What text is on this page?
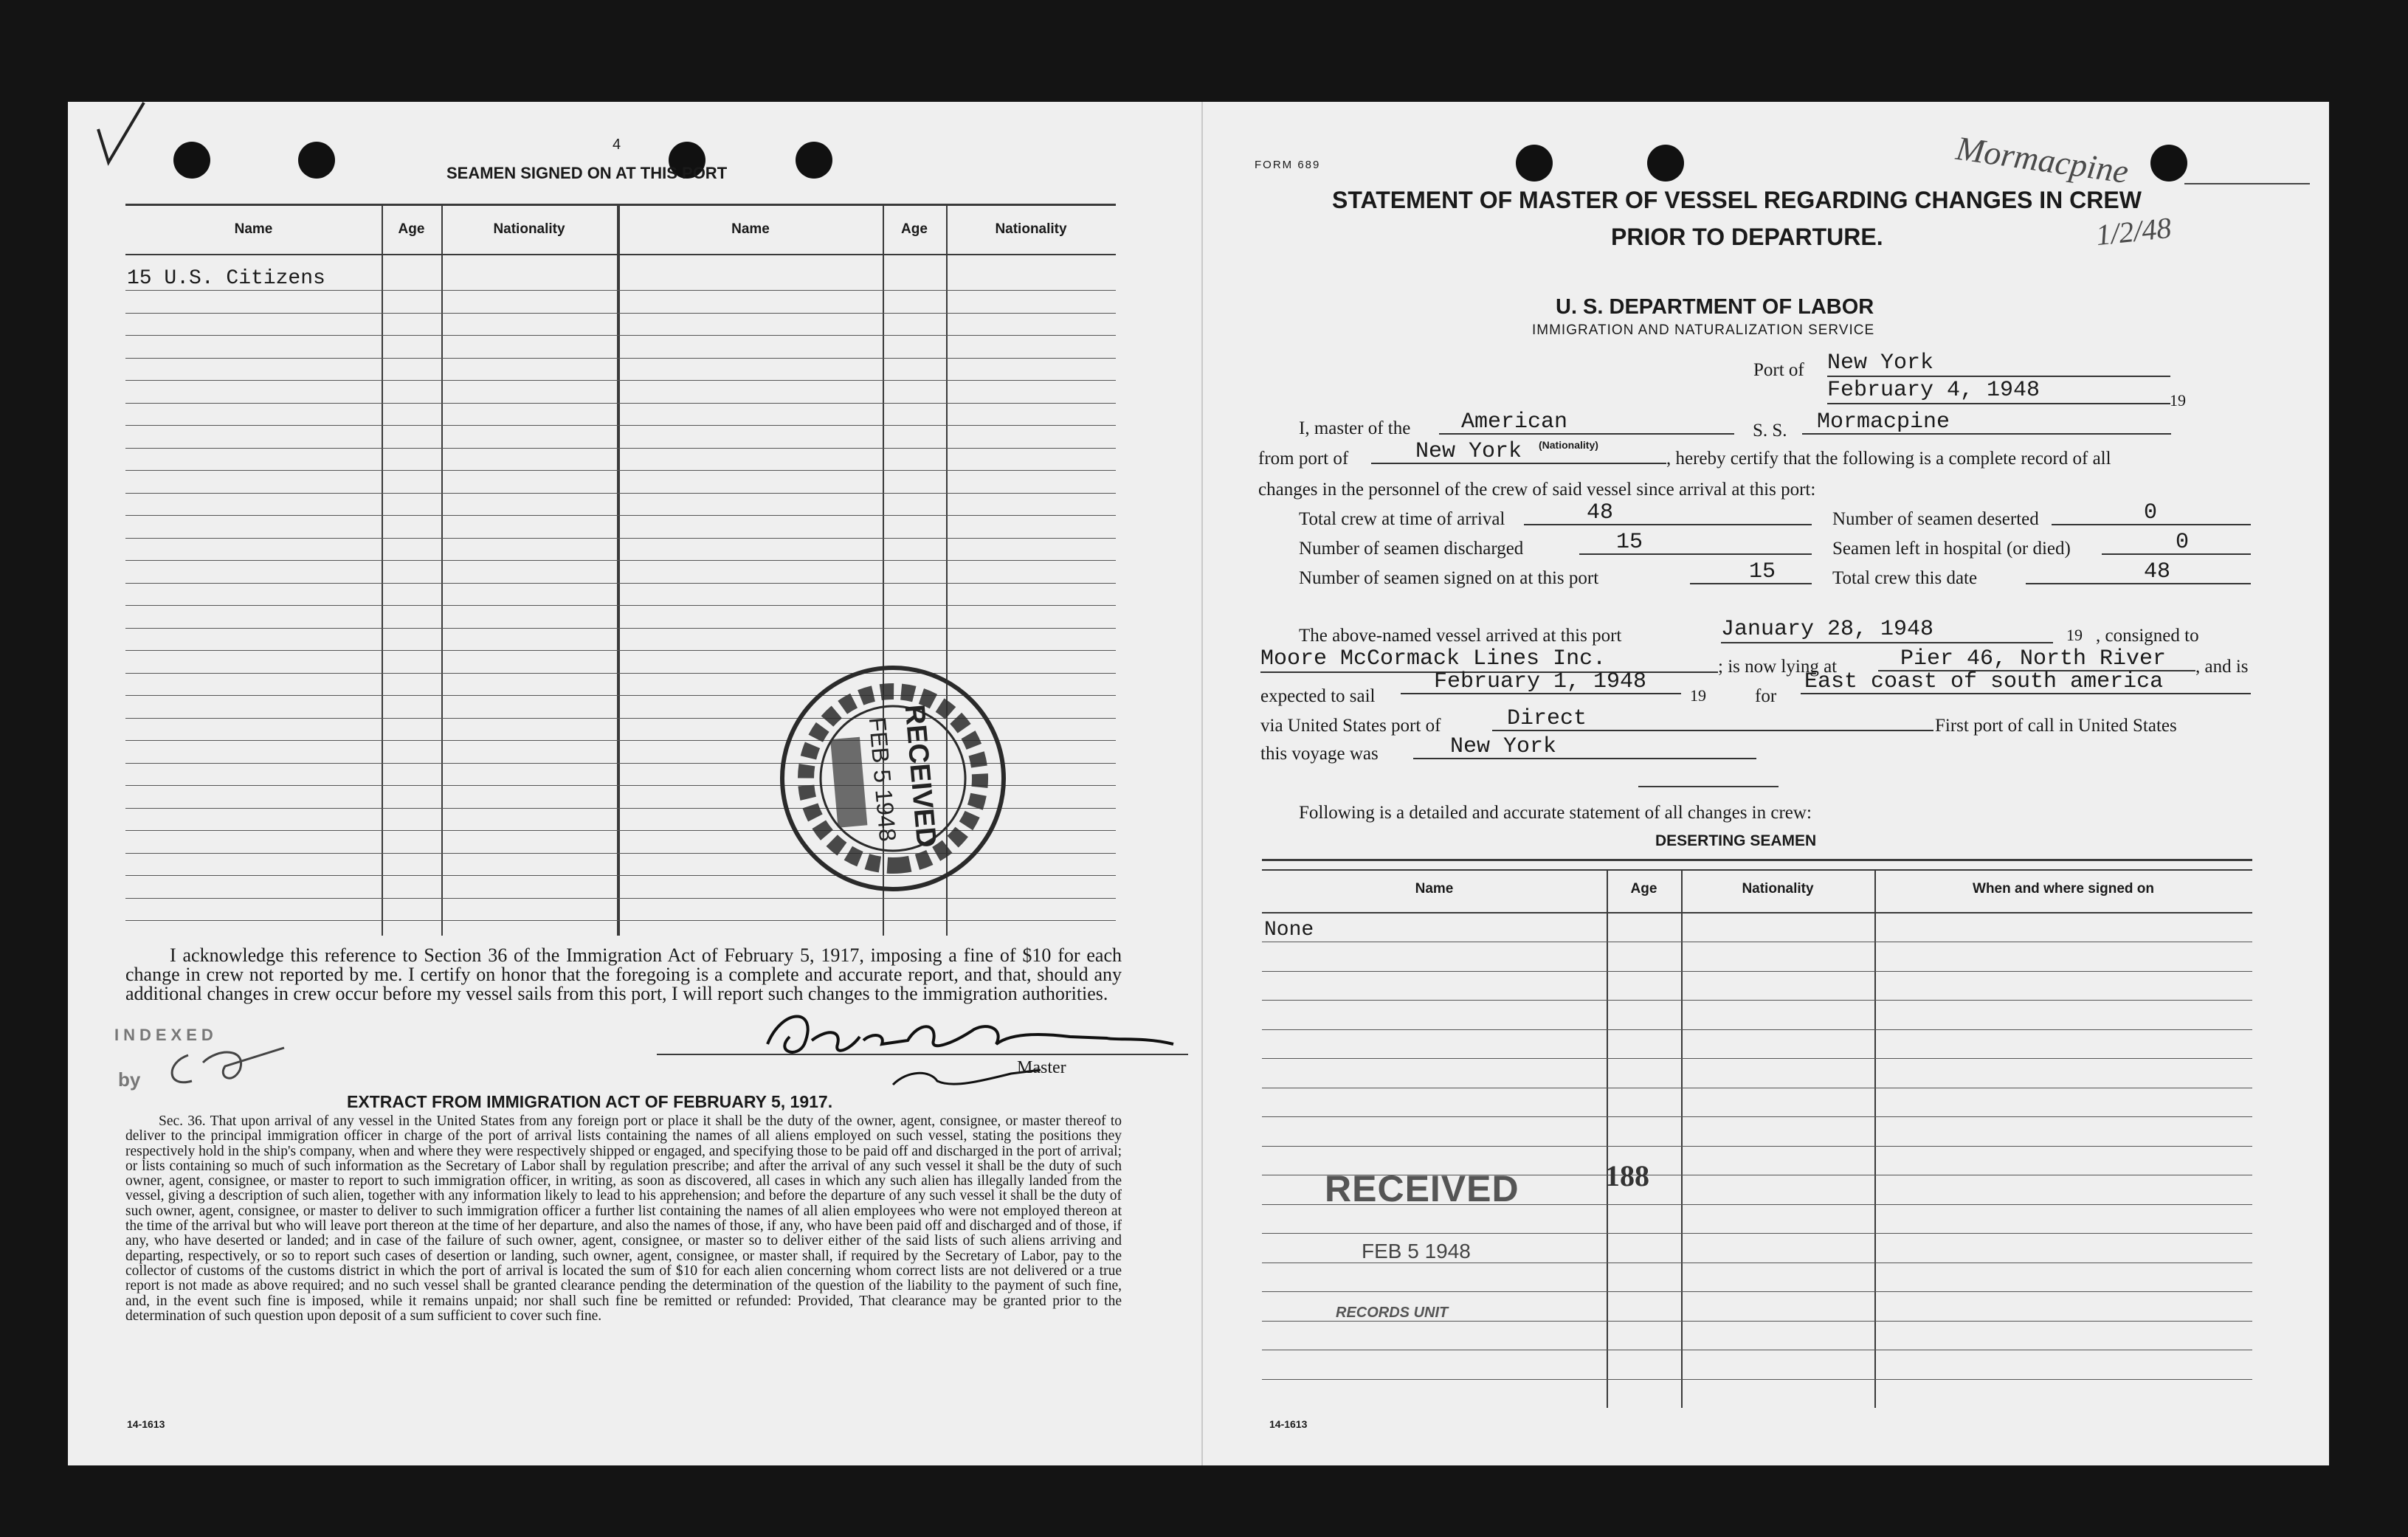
4
SEAMEN SIGNED ON AT THIS PORT
Name	Age	Nationality	Name	Age	Nationality
15 U.S. Citizens
RECEIVED
FEB 5 1948
I acknowledge this reference to Section 36 of the Immigration Act of February 5, 1917, imposing a fine of $10 for each change in crew not reported by me. I certify on honor that the foregoing is a complete and accurate report, and that, should any additional changes in crew occur before my vessel sails from this port, I will report such changes to the immigration authorities.
Master
INDEXED
by
EXTRACT FROM IMMIGRATION ACT OF FEBRUARY 5, 1917.
Sec. 36. That upon arrival of any vessel in the United States from any foreign port or place it shall be the duty of the owner, agent, consignee, or master thereof to deliver to the principal immigration officer in charge of the port of arrival lists containing the names of all aliens employed on such vessel, stating the positions they respectively hold in the ship's company, when and where they were respectively shipped or engaged, and specifying those to be paid off and discharged in the port of arrival; or lists containing so much of such information as the Secretary of Labor shall by regulation prescribe; and after the arrival of any such vessel it shall be the duty of such owner, agent, consignee, or master to report to such immigration officer, in writing, as soon as discovered, all cases in which any such alien has illegally landed from the vessel, giving a description of such alien, together with any information likely to lead to his apprehension; and before the departure of any such vessel it shall be the duty of such owner, agent, consignee, or master to deliver to such immigration officer a further list containing the names of all alien employees who were not employed thereon at the time of the arrival but who will leave port thereon at the time of her departure, and also the names of those, if any, who have been paid off and discharged and of those, if any, who have deserted or landed; and in case of the failure of such owner, agent, consignee, or master so to deliver either of the said lists of such aliens arriving and departing, respectively, or so to report such cases of desertion or landing, such owner, agent, consignee, or master shall, if required by the Secretary of Labor, pay to the collector of customs of the customs district in which the port of arrival is located the sum of $10 for each alien concerning whom correct lists are not delivered or a true report is not made as above required; and no such vessel shall be granted clearance pending the determination of the question of the liability to the payment of such fine, and, in the event such fine is imposed, while it remains unpaid; nor shall such fine be remitted or refunded: Provided, That clearance may be granted prior to the determination of such question upon deposit of a sum sufficient to cover such fine.
14-1613
FORM 689
STATEMENT OF MASTER OF VESSEL REGARDING CHANGES IN CREW
PRIOR TO DEPARTURE.
Mormacpine
1/2/48
U. S. DEPARTMENT OF LABOR
IMMIGRATION AND NATURALIZATION SERVICE
Port of New York
February 4, 1948	19
I, master of the	American	S. S.	Mormacpine
from port of	New York	(Nationality)
, hereby certify that the following is a complete record of all
changes in the personnel of the crew of said vessel since arrival at this port:
Total crew at time of arrival	48	Number of seamen deserted	0
Number of seamen discharged	15	Seamen left in hospital (or died)	0
Number of seamen signed on at this port	15	Total crew this date	48
The above-named vessel arrived at this port	January 28, 1948	19 , consigned to
Moore McCormack Lines Inc.	; is now lying at	Pier 46, North River	, and is
expected to sail
February 1, 1948
19	for
East coast of south america
via United States port of	Direct	First port of call in United States
this voyage was	New York
Following is a detailed and accurate statement of all changes in crew:
DESERTING SEAMEN
Name	Age	Nationality	When and where signed on
None
RECEIVED
FEB 5 1948
188
RECORDS UNIT
14-1613
